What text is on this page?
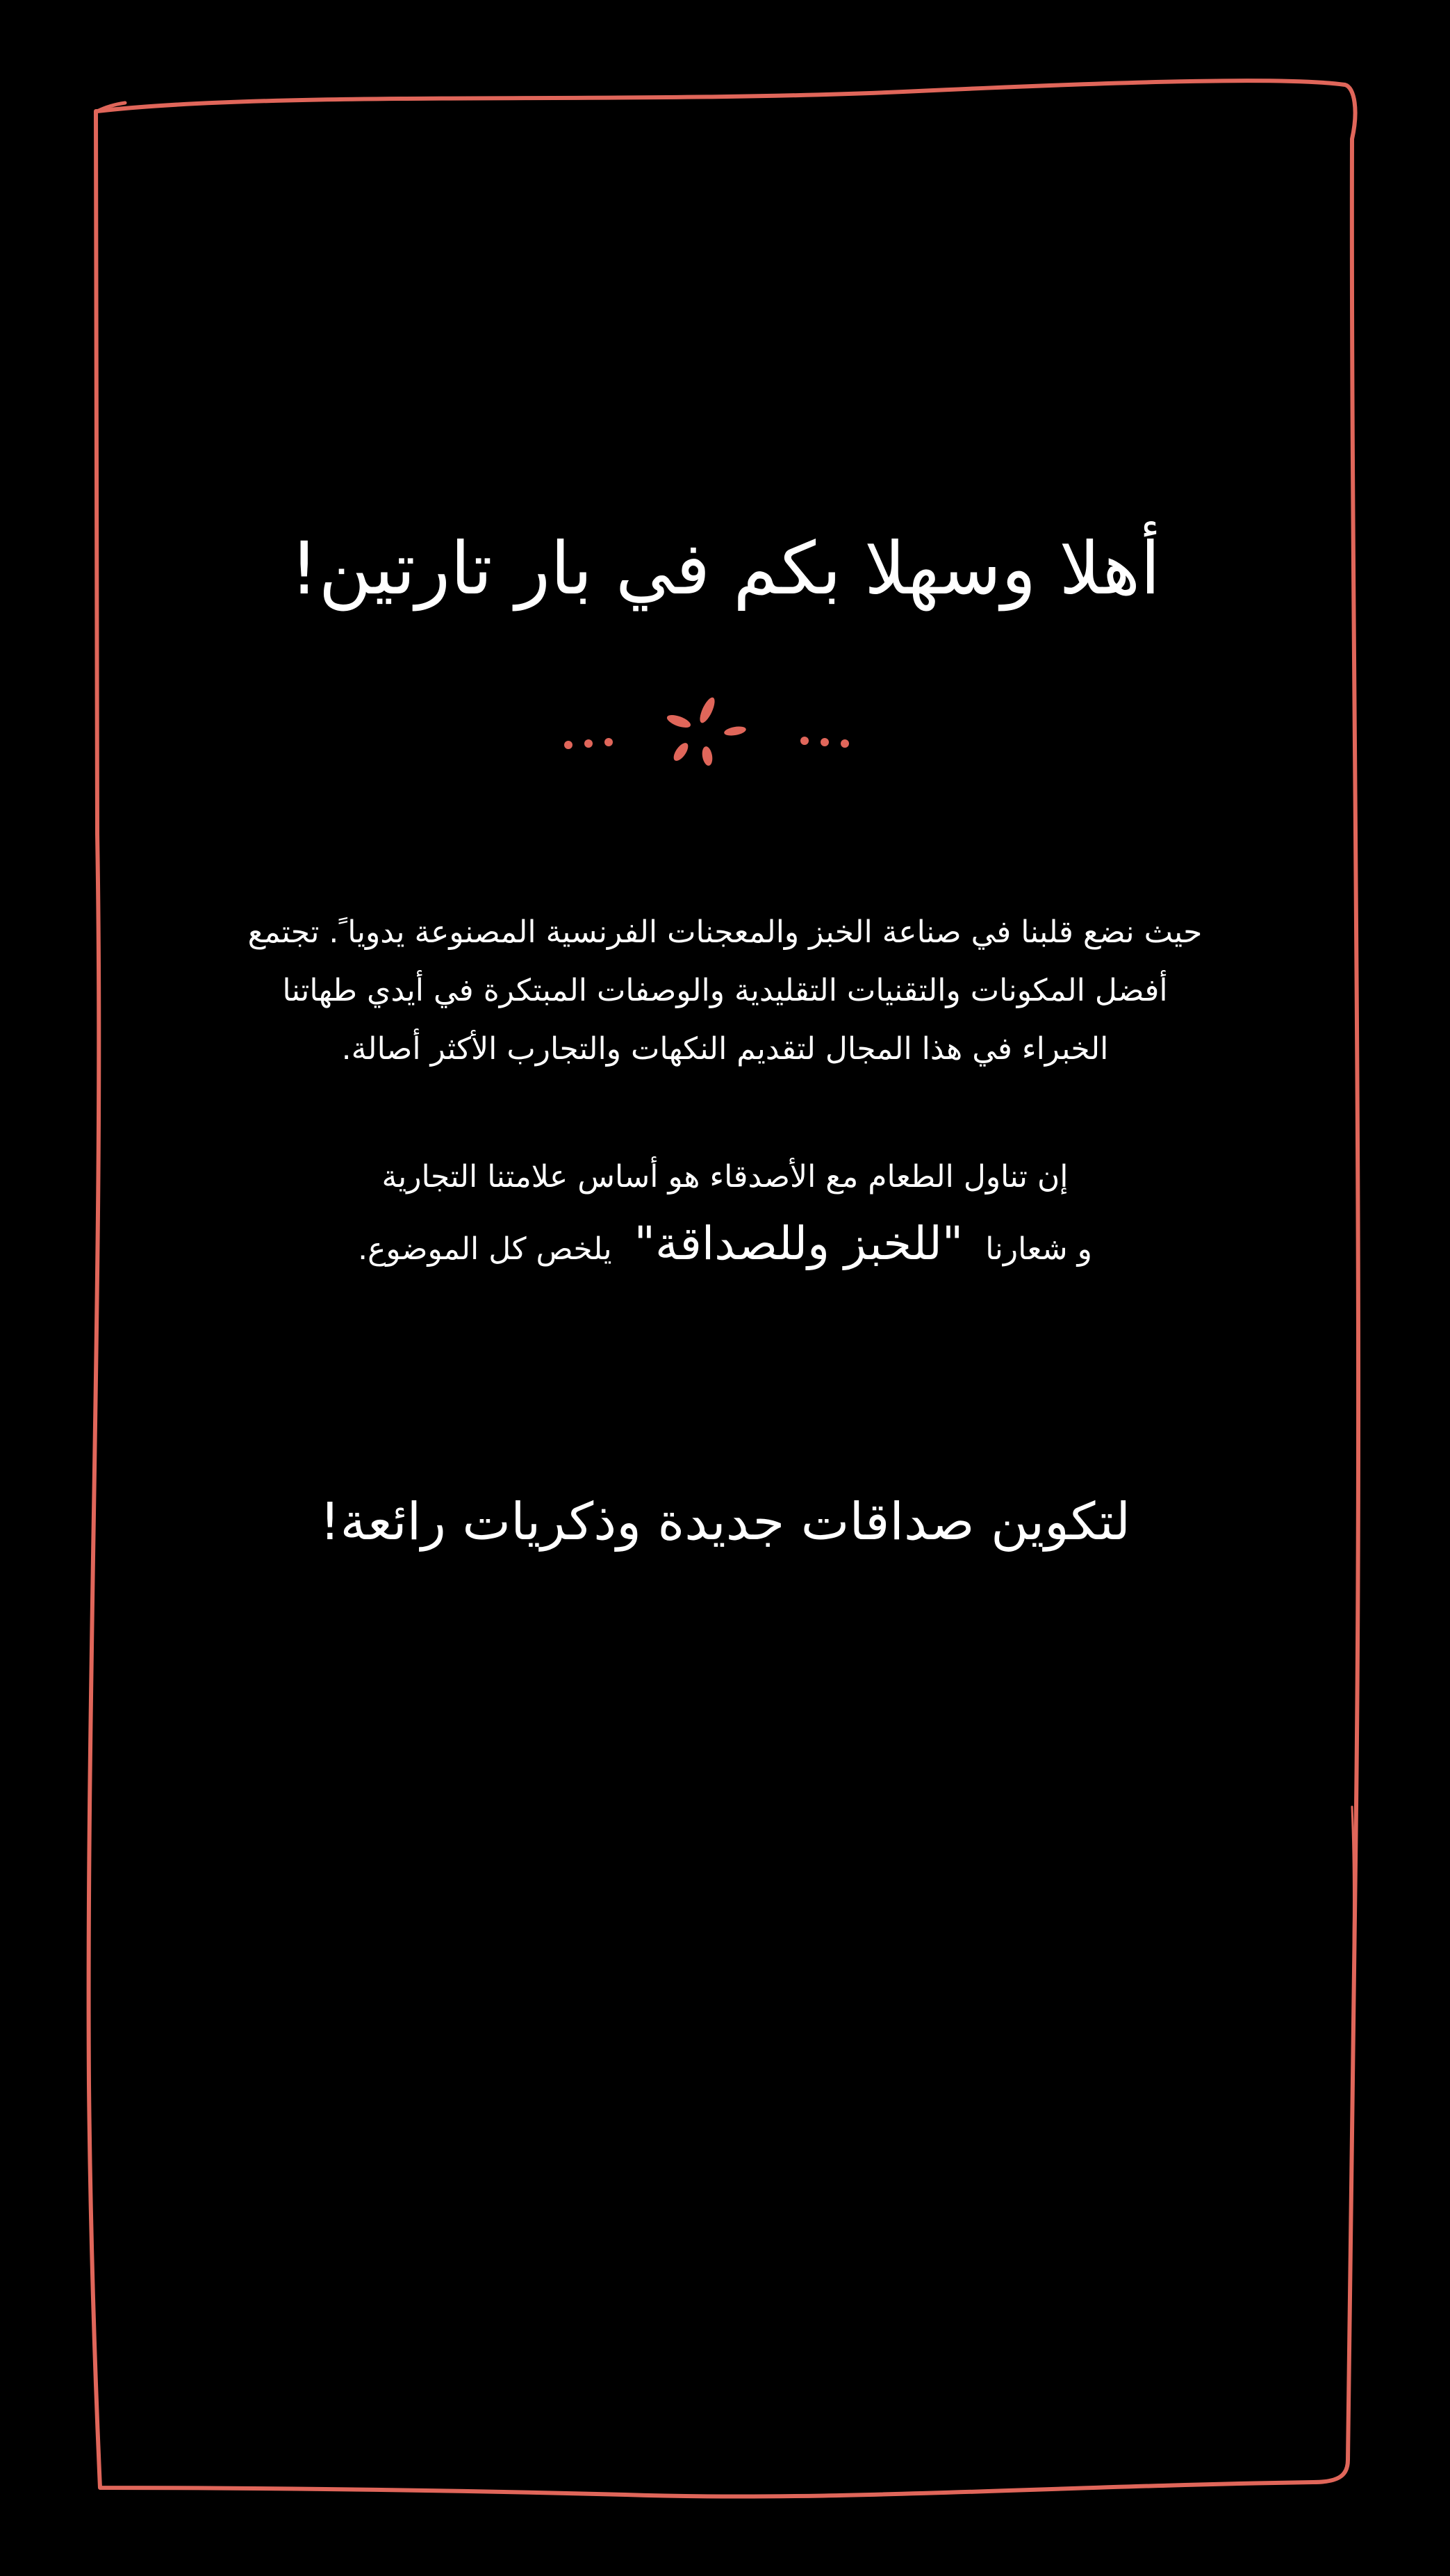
أهلا وسهلا بكم في بار تارتين!
حيث نضع قلبنا في صناعة الخبز والمعجنات الفرنسية المصنوعة يدويا ً. تجتمع
أفضل المكونات والتقنيات التقليدية والوصفات المبتكرة في أيدي طهاتنا
الخبراء في هذا المجال لتقديم النكهات والتجارب الأكثر أصالة.
إن تناول الطعام مع الأصدقاء هو أساس علامتنا التجارية
و شعارنا "للخبز وللصداقة" يلخص كل الموضوع.
لتكوين صداقات جديدة وذكريات رائعة!
